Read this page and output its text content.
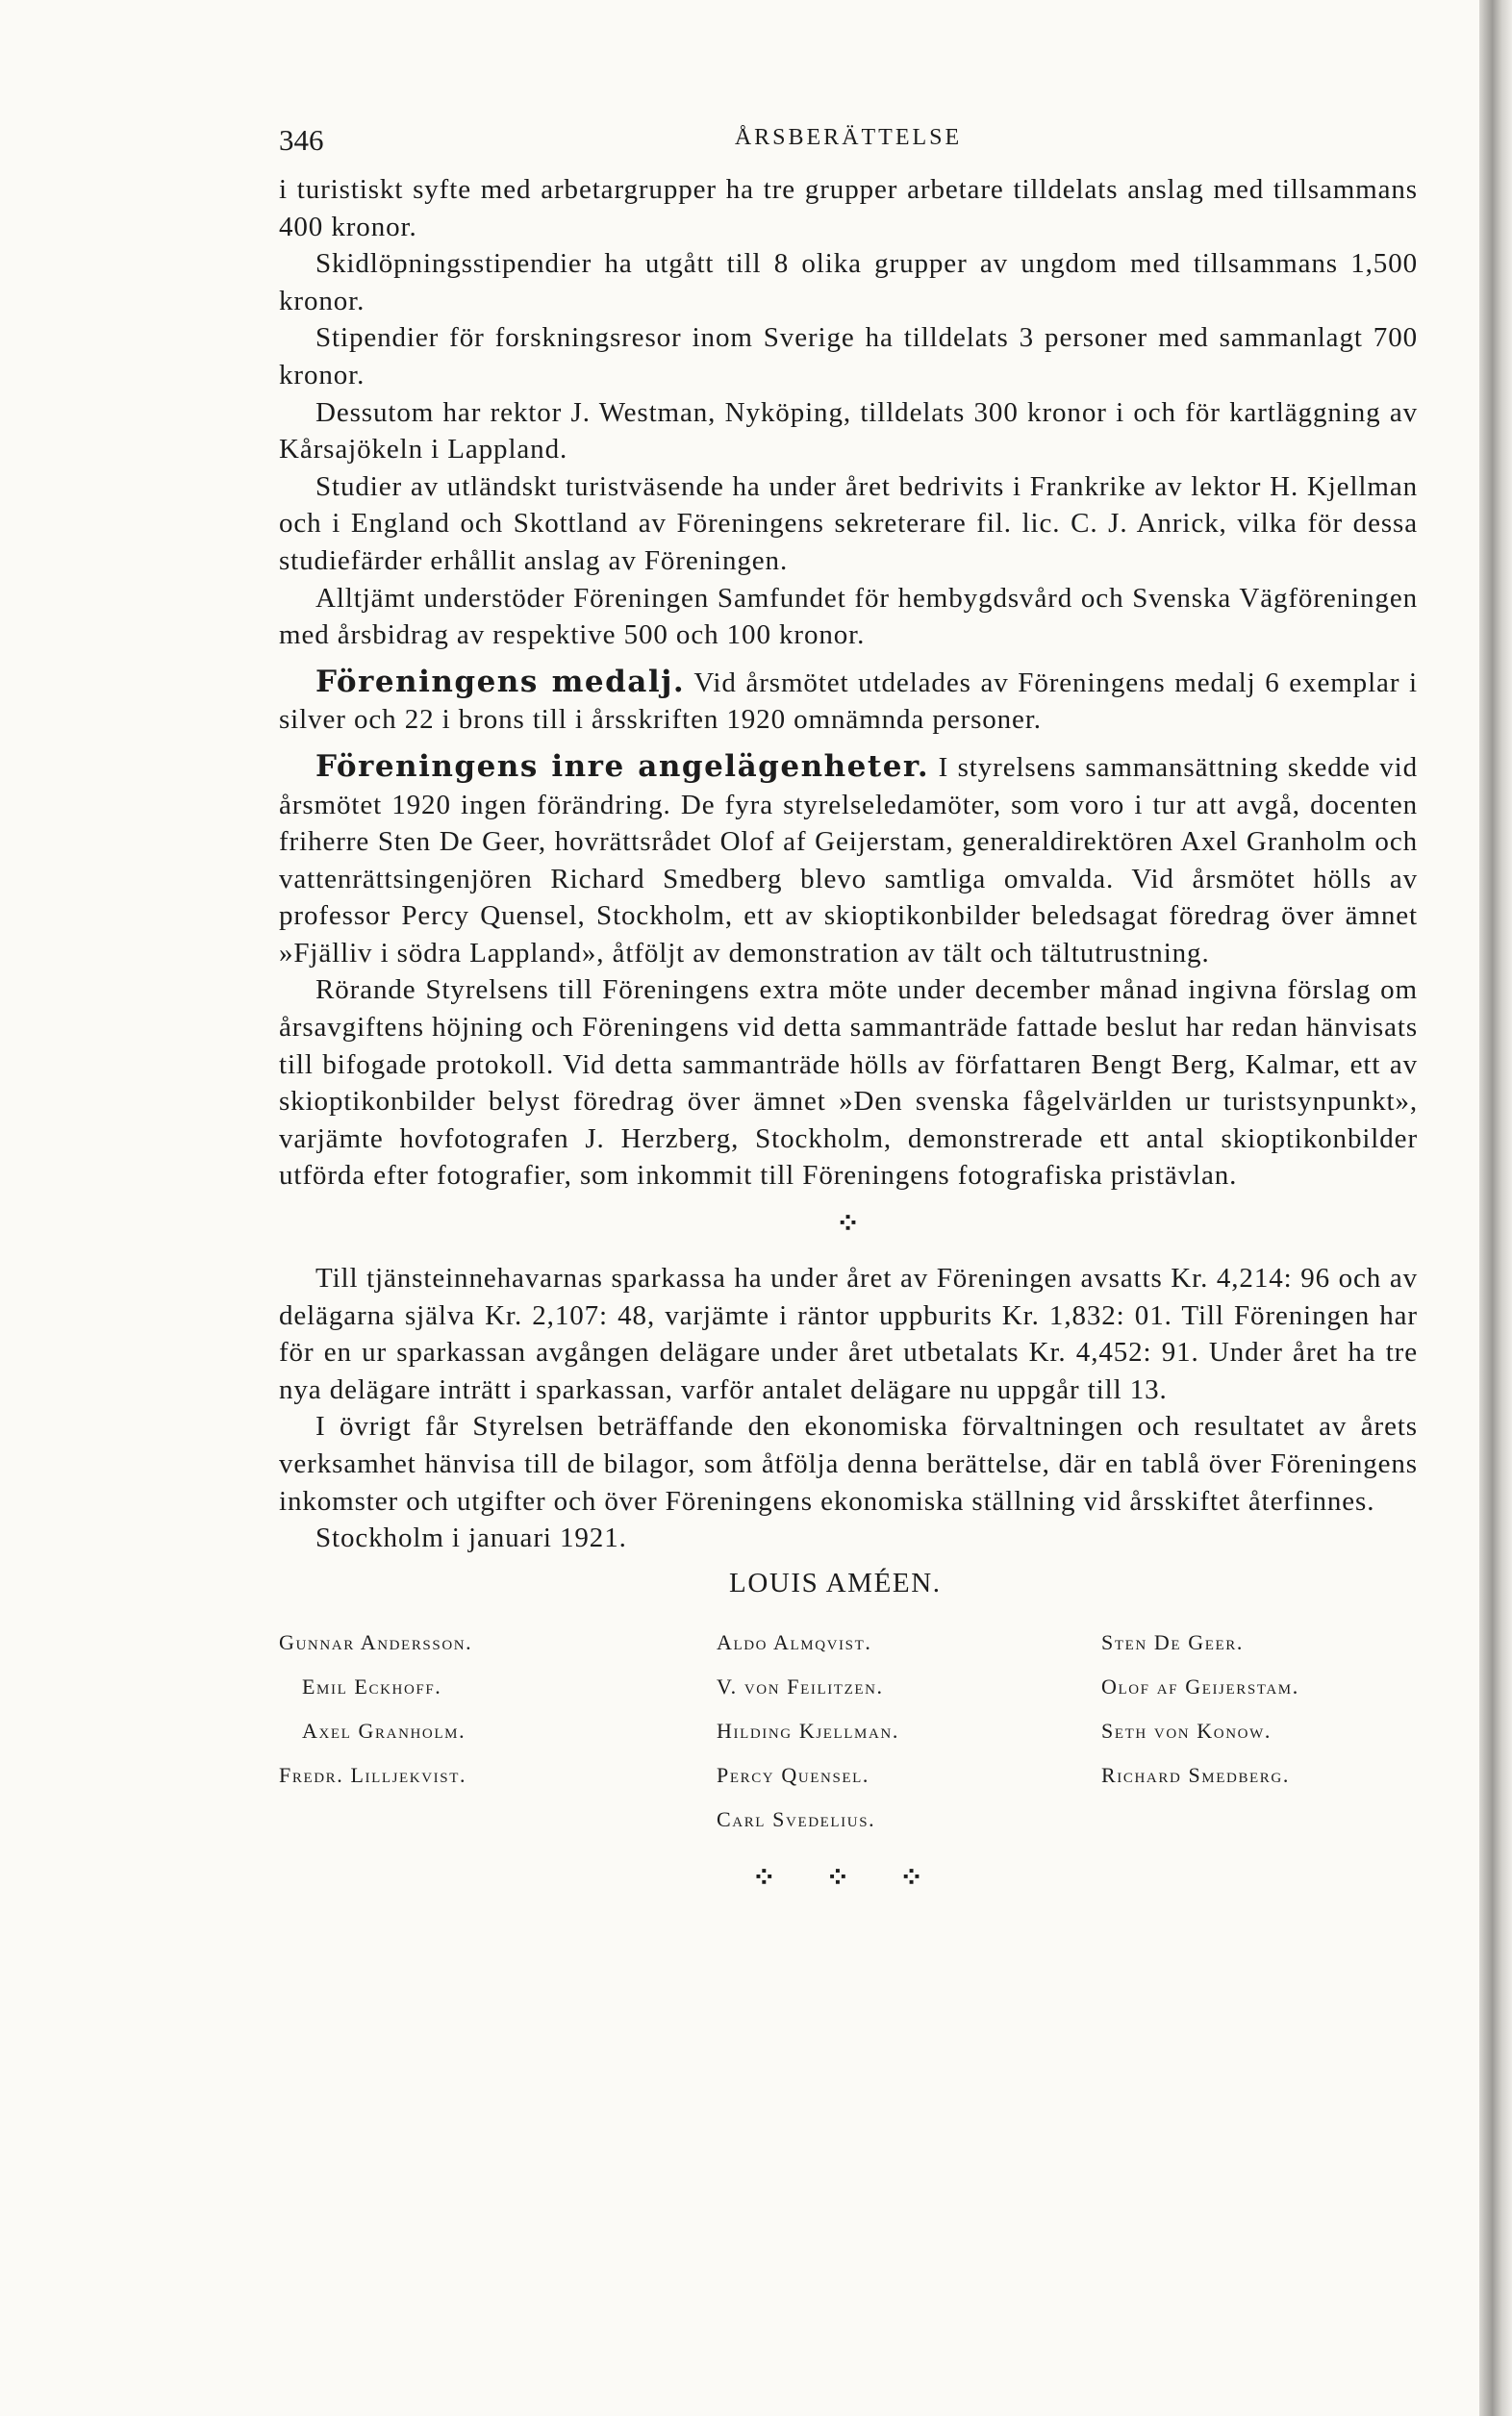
346	ÅRSBERÄTTELSE

i turistiskt syfte med arbetargrupper ha tre grupper arbetare tilldelats anslag med tillsammans 400 kronor.

Skidlöpningsstipendier ha utgått till 8 olika grupper av ungdom med tillsammans 1,500 kronor.

Stipendier för forskningsresor inom Sverige ha tilldelats 3 personer med sammanlagt 700 kronor.

Dessutom har rektor J. Westman, Nyköping, tilldelats 300 kronor i och för kartläggning av Kårsajökeln i Lappland.

Studier av utländskt turistväsende ha under året bedrivits i Frankrike av lektor H. Kjellman och i England och Skottland av Föreningens sekreterare fil. lic. C. J. Anrick, vilka för dessa studiefärder erhållit anslag av Föreningen.

Alltjämt understöder Föreningen Samfundet för hembygdsvård och Svenska Vägföreningen med årsbidrag av respektive 500 och 100 kronor.

Föreningens medalj. Vid årsmötet utdelades av Föreningens medalj 6 exemplar i silver och 22 i brons till i årsskriften 1920 omnämnda personer.

Föreningens inre angelägenheter. I styrelsens sammansättning skedde vid årsmötet 1920 ingen förändring. De fyra styrelseledamöter, som voro i tur att avgå, docenten friherre Sten De Geer, hovrättsrådet Olof af Geijerstam, generaldirektören Axel Granholm och vattenrättsingenjören Richard Smedberg blevo samtliga omvalda. Vid årsmötet hölls av professor Percy Quensel, Stockholm, ett av skioptikonbilder beledsagat föredrag över ämnet »Fjälliv i södra Lappland», åtföljt av demonstration av tält och tältutrustning.

Rörande Styrelsens till Föreningens extra möte under december månad ingivna förslag om årsavgiftens höjning och Föreningens vid detta sammanträde fattade beslut har redan hänvisats till bifogade protokoll. Vid detta sammanträde hölls av författaren Bengt Berg, Kalmar, ett av skioptikonbilder belyst föredrag över ämnet »Den svenska fågelvärlden ur turistsynpunkt», varjämte hovfotografen J. Herzberg, Stockholm, demonstrerade ett antal skioptikonbilder utförda efter fotografier, som inkommit till Föreningens fotografiska pristävlan.

⁘

Till tjänsteinnehavarnas sparkassa ha under året av Föreningen avsatts Kr. 4,214: 96 och av delägarna själva Kr. 2,107: 48, varjämte i räntor uppburits Kr. 1,832: 01. Till Föreningen har för en ur sparkassan avgången delägare under året utbetalats Kr. 4,452: 91. Under året ha tre nya delägare inträtt i sparkassan, varför antalet delägare nu uppgår till 13.

I övrigt får Styrelsen beträffande den ekonomiska förvaltningen och resultatet av årets verksamhet hänvisa till de bilagor, som åtfölja denna berättelse, där en tablå över Föreningens inkomster och utgifter och över Föreningens ekonomiska ställning vid årsskiftet återfinnes.

Stockholm i januari 1921.

LOUIS AMÉEN.
Gunnar Andersson.
Emil Eckhoff.
Axel Granholm.
Fredr. Lilljekvist.
Aldo Almqvist.
V. von Feilitzen.
Hilding Kjellman.
Percy Quensel.
Carl Svedelius.
Sten De Geer.
Olof af Geijerstam.
Seth von Konow.
Richard Smedberg.
⁘ ⁘ ⁘
